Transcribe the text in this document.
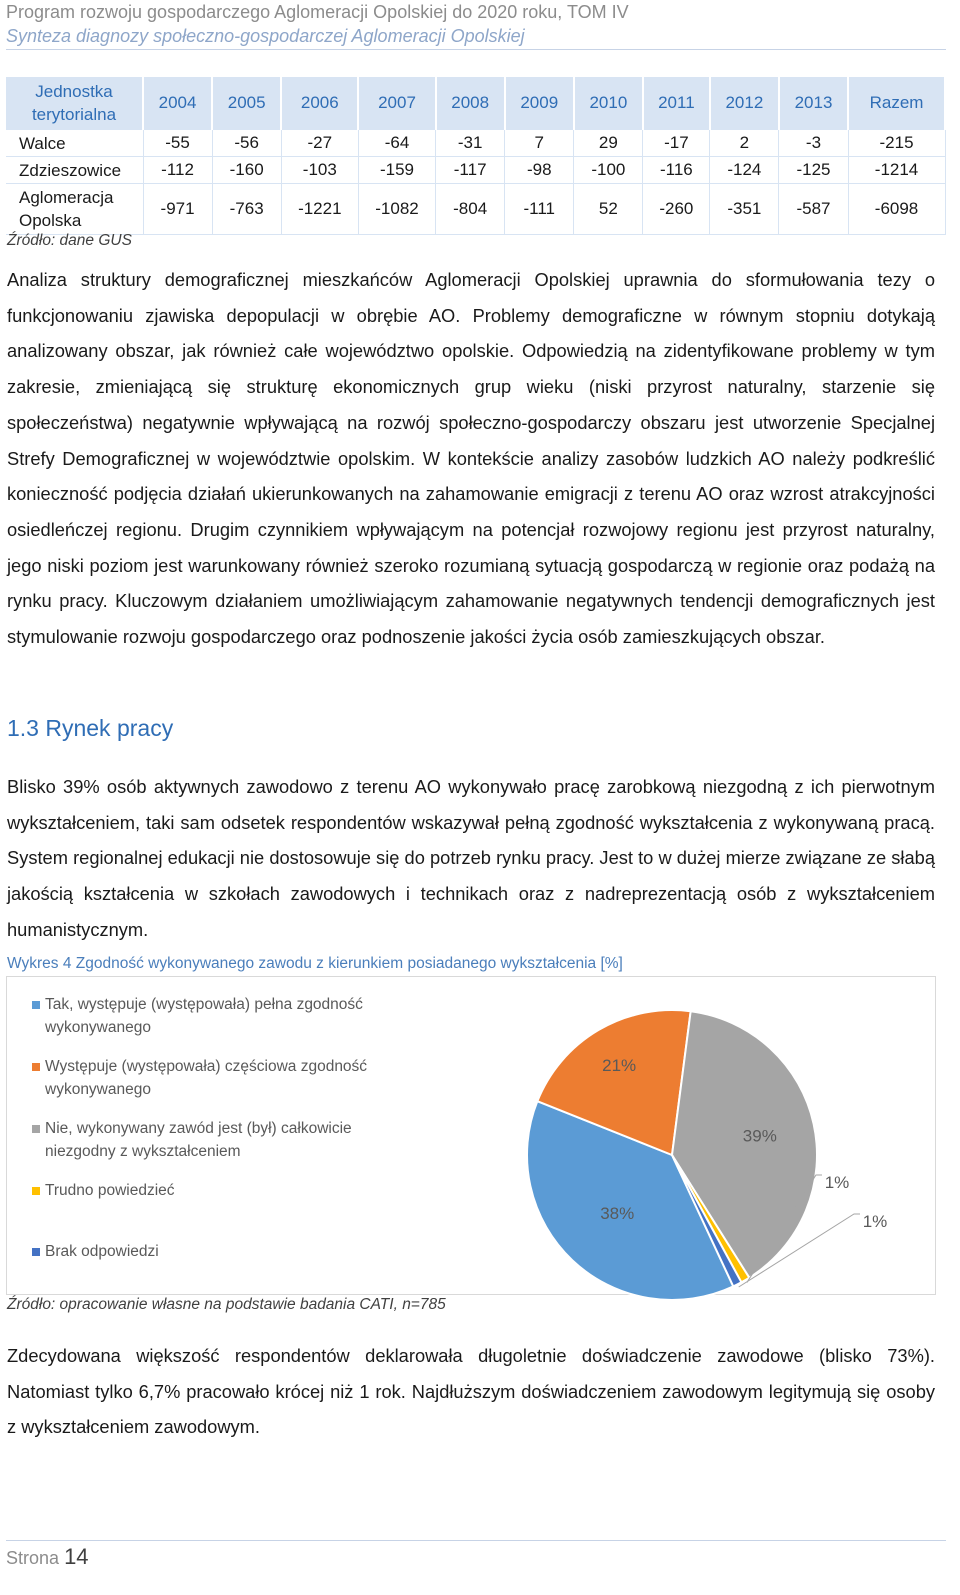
Program rozwoju gospodarczego Aglomeracji Opolskiej do 2020 roku, TOM IV
Synteza diagnozy społeczno-gospodarczej Aglomeracji Opolskiej
Jednostka terytorialna	2004	2005	2006	2007	2008	2009	2010	2011	2012	2013	Razem
Walce	-55	-56	-27	-64	-31	7	29	-17	2	-3	-215
Zdzieszowice	-112	-160	-103	-159	-117	-98	-100	-116	-124	-125	-1214
Aglomeracja Opolska	-971	-763	-1221	-1082	-804	-111	52	-260	-351	-587	-6098
Źródło: dane GUS

Analiza struktury demograficznej mieszkańców Aglomeracji Opolskiej uprawnia do sformułowania tezy o funkcjonowaniu zjawiska depopulacji w obrębie AO. Problemy demograficzne w równym stopniu dotykają analizowany obszar, jak również całe województwo opolskie. Odpowiedzią na zidentyfikowane problemy w tym zakresie, zmieniającą się strukturę ekonomicznych grup wieku (niski przyrost naturalny, starzenie się społeczeństwa) negatywnie wpływającą na rozwój społeczno-gospodarczy obszaru jest utworzenie Specjalnej Strefy Demograficznej w województwie opolskim. W kontekście analizy zasobów ludzkich AO należy podkreślić konieczność podjęcia działań ukierunkowanych na zahamowanie emigracji z terenu AO oraz wzrost atrakcyjności osiedleńczej regionu. Drugim czynnikiem wpływającym na potencjał rozwojowy regionu jest przyrost naturalny, jego niski poziom jest warunkowany również szeroko rozumianą sytuacją gospodarczą w regionie oraz podażą na rynku pracy. Kluczowym działaniem umożliwiającym zahamowanie negatywnych tendencji demograficznych jest stymulowanie rozwoju gospodarczego oraz podnoszenie jakości życia osób zamieszkujących obszar.

1.3 Rynek pracy

Blisko 39% osób aktywnych zawodowo z terenu AO wykonywało pracę zarobkową niezgodną z ich pierwotnym wykształceniem, taki sam odsetek respondentów wskazywał pełną zgodność wykształcenia z wykonywaną pracą. System regionalnej edukacji nie dostosowuje się do potrzeb rynku pracy. Jest to w dużej mierze związane ze słabą jakością kształcenia w szkołach zawodowych i technikach oraz z nadreprezentacją osób z wykształceniem humanistycznym.

Wykres 4 Zgodność wykonywanego zawodu z kierunkiem posiadanego wykształcenia [%]
Tak, występuje (występowała) pełna zgodność wykonywanego
Występuje (występowała) częściowa zgodność wykonywanego
Nie, wykonywany zawód jest (był) całkowicie niezgodny z wykształceniem
Trudno powiedzieć
Brak odpowiedzi
38%
21%
39%
1%
1%
Źródło: opracowanie własne na podstawie badania CATI, n=785

Zdecydowana większość respondentów deklarowała długoletnie doświadczenie zawodowe (blisko 73%). Natomiast tylko 6,7% pracowało krócej niż 1 rok. Najdłuższym doświadczeniem zawodowym legitymują się osoby z wykształceniem zawodowym.

Strona 14
